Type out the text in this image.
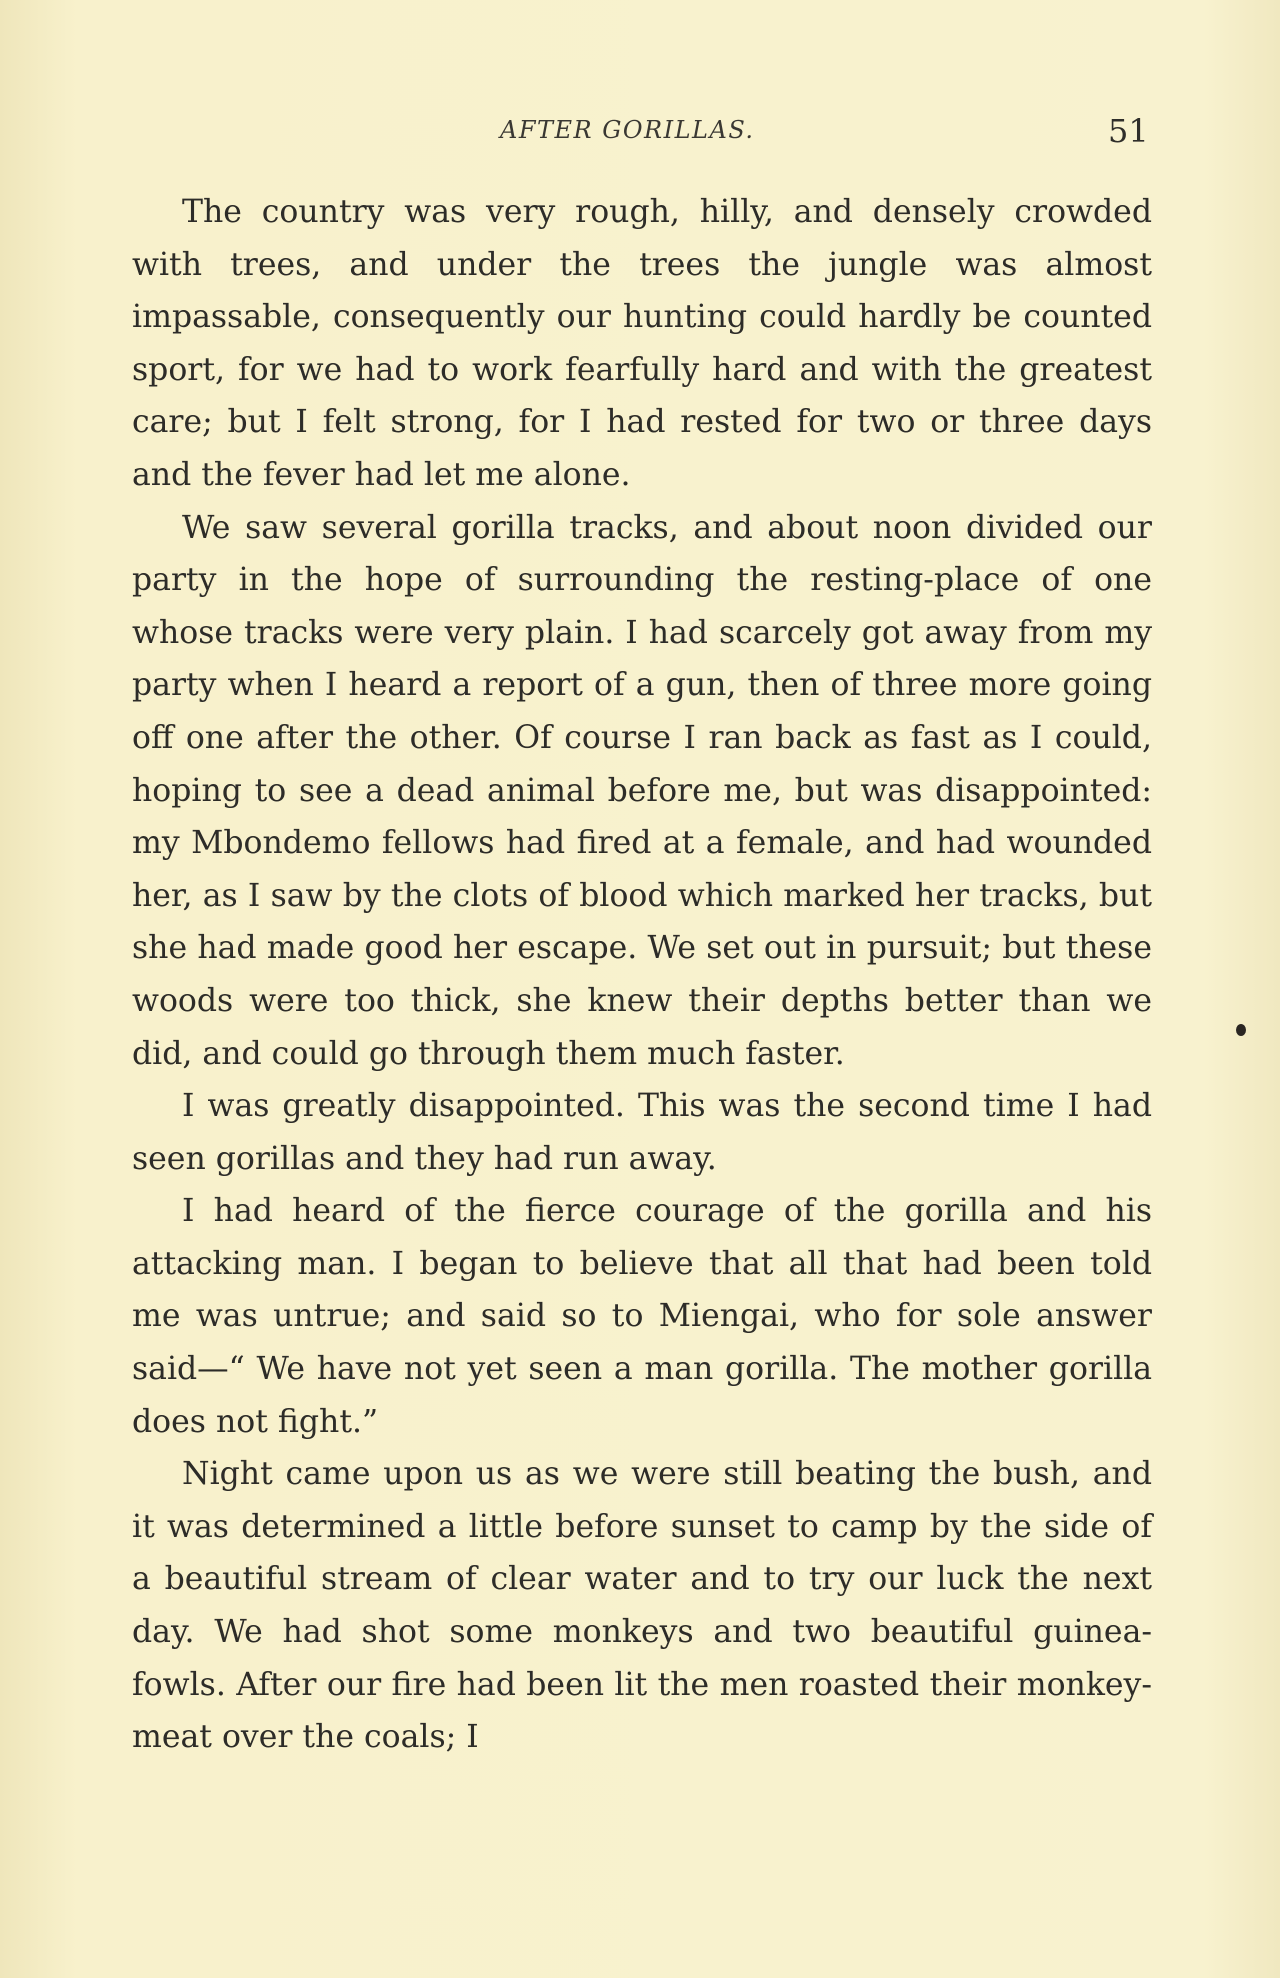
AFTER GORILLAS.	51

The country was very rough, hilly, and densely crowded with trees, and under the trees the jungle was almost impassable, consequently our hunting could hardly be counted sport, for we had to work fearfully hard and with the greatest care; but I felt strong, for I had rested for two or three days and the fever had let me alone.

We saw several gorilla tracks, and about noon divided our party in the hope of surrounding the resting-place of one whose tracks were very plain. I had scarcely got away from my party when I heard a report of a gun, then of three more going off one after the other. Of course I ran back as fast as I could, hoping to see a dead animal before me, but was disappointed: my Mbondemo fellows had fired at a female, and had wounded her, as I saw by the clots of blood which marked her tracks, but she had made good her escape. We set out in pursuit; but these woods were too thick, she knew their depths better than we did, and could go through them much faster.

I was greatly disappointed. This was the second time I had seen gorillas and they had run away.

I had heard of the fierce courage of the gorilla and his attacking man. I began to believe that all that had been told me was untrue; and said so to Miengai, who for sole answer said—“ We have not yet seen a man gorilla. The mother gorilla does not fight.”

Night came upon us as we were still beating the bush, and it was determined a little before sunset to camp by the side of a beautiful stream of clear water and to try our luck the next day. We had shot some monkeys and two beautiful guinea-fowls. After our fire had been lit the men roasted their monkey-meat over the coals; I
